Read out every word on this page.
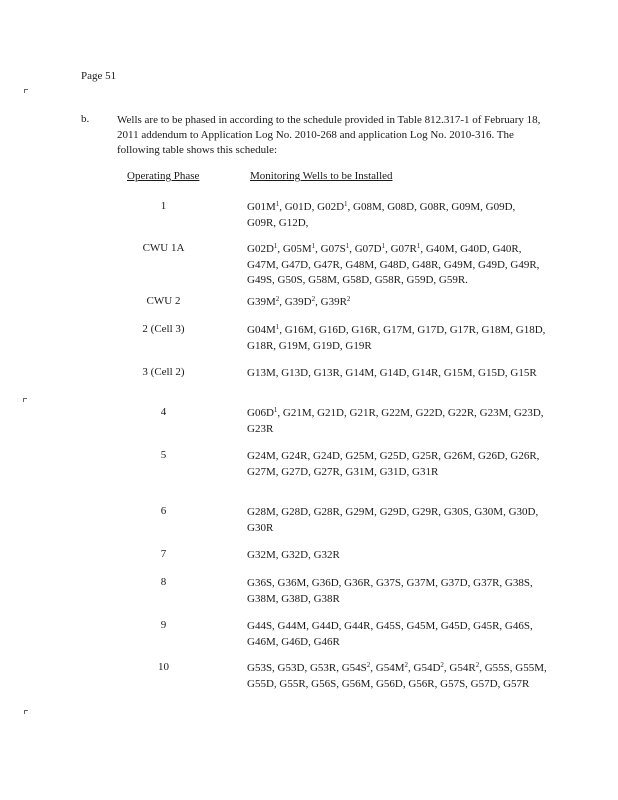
Page 51
b.	Wells are to be phased in according to the schedule provided in Table 812.317-1 of February 18, 2011 addendum to Application Log No. 2010-268 and application Log No. 2010-316. The following table shows this schedule:
Operating Phase	Monitoring Wells to be Installed
1	$G01M^1$, G01D, $G02D^1$, G08M, G08D, G08R, G09M, G09D, G09R, G12D,
CWU 1A	$G02D^1$, $G05M^1$, $G07S^1$, $G07D^1$, $G07R^1$, G40M, G40D, G40R, G47M, G47D, G47R, G48M, G48D, G48R, G49M, G49D, G49R, G49S, G50S, G58M, G58D, G58R, G59D, G59R.
CWU 2	$G39M^2$, $G39D^2$, $G39R^2$
2 (Cell 3)	$G04M^1$, G16M, G16D, G16R, G17M, G17D, G17R, G18M, G18D, G18R, G19M, G19D, G19R
3 (Cell 2)	G13M, G13D, G13R, G14M, G14D, G14R, G15M, G15D, G15R
4	$G06D^1$, G21M, G21D, G21R, G22M, G22D, G22R, G23M, G23D, G23R
5	G24M, G24R, G24D, G25M, G25D, G25R, G26M, G26D, G26R, G27M, G27D, G27R, G31M, G31D, G31R
6	G28M, G28D, G28R, G29M, G29D, G29R, G30S, G30M, G30D, G30R
7	G32M, G32D, G32R
8	G36S, G36M, G36D, G36R, G37S, G37M, G37D, G37R, G38S, G38M, G38D, G38R
9	G44S, G44M, G44D, G44R, G45S, G45M, G45D, G45R, G46S, G46M, G46D, G46R
10	G53S, G53D, G53R, $G54S^2$, $G54M^2$, $G54D^2$, $G54R^2$, G55S, G55M, G55D, G55R, G56S, G56M, G56D, G56R, G57S, G57D, G57R
